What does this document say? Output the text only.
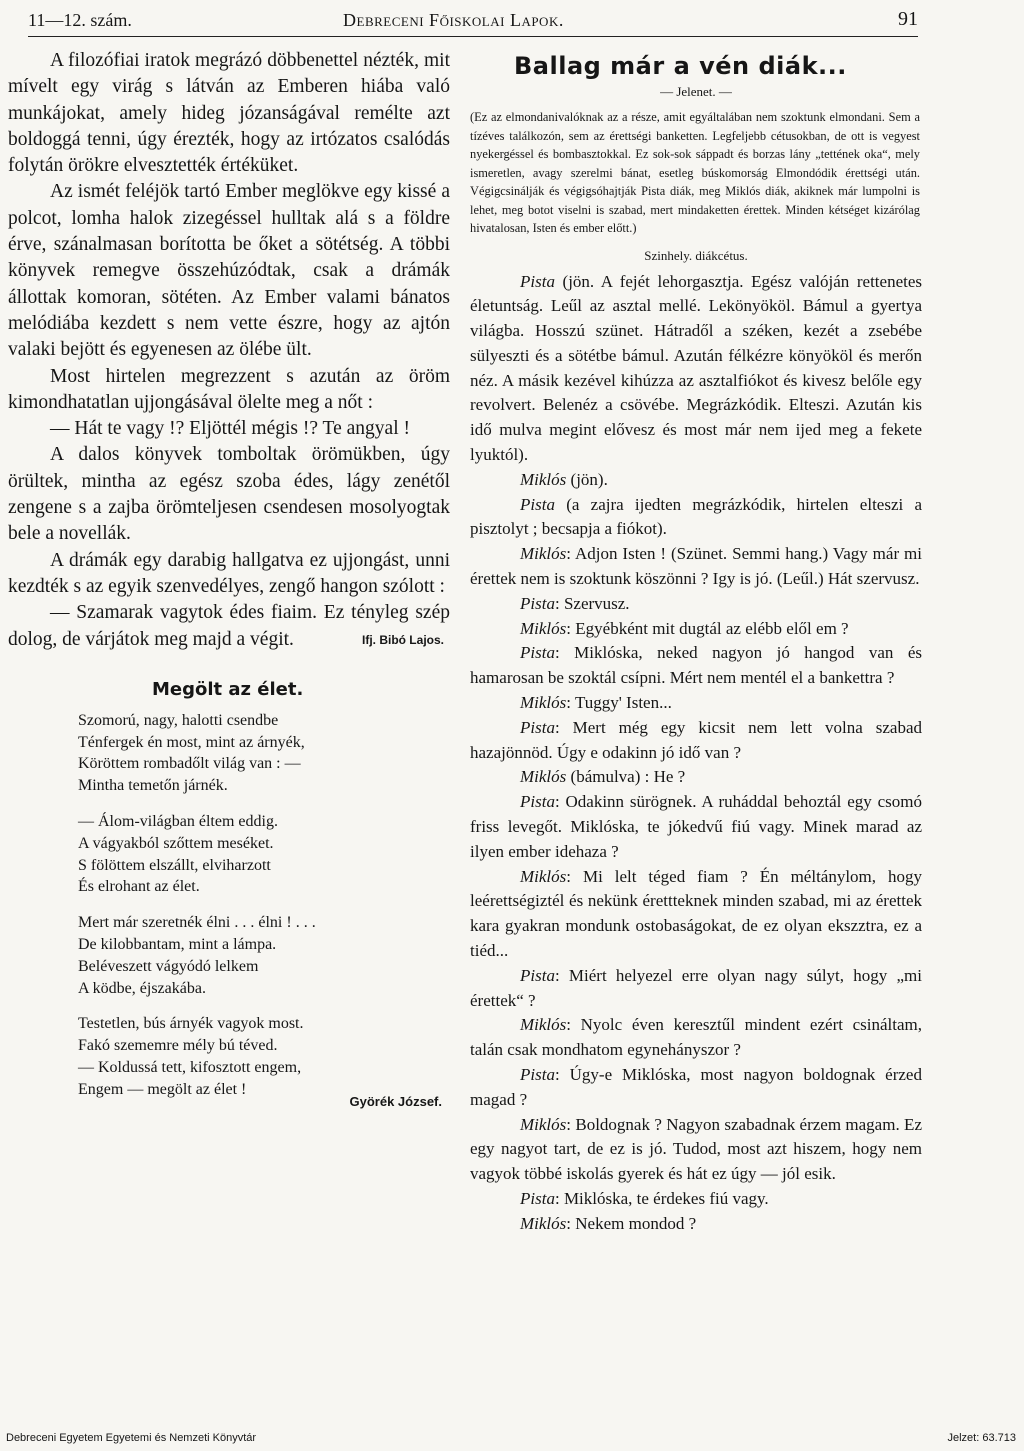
11—12. szám.	Debreceni Főiskolai Lapok.	91

A filozófiai iratok megrázó döbbenettel nézték, mit mívelt egy virág s látván az Emberen hiába való munkájokat, amely hideg józanságával remélte azt boldoggá tenni, úgy érezték, hogy az irtózatos csalódás folytán örökre elvesztették értéküket.

Az ismét feléjök tartó Ember meglökve egy kissé a polcot, lomha halok zizegéssel hulltak alá s a földre érve, szánalmasan borította be őket a sötétség. A többi könyvek remegve összehúzódtak, csak a drámák állottak komoran, sötéten. Az Ember valami bánatos melódiába kezdett s nem vette észre, hogy az ajtón valaki bejött és egyenesen az ölébe ült.

Most hirtelen megrezzent s azután az öröm kimondhatatlan ujjongásával ölelte meg a nőt :

— Hát te vagy !? Eljöttél mégis !? Te angyal !

A dalos könyvek tomboltak örömükben, úgy örültek, mintha az egész szoba édes, lágy zenétől zengene s a zajba örömteljesen csendesen mosolyogtak bele a novellák.

A drámák egy darabig hallgatva ez ujjongást, unni kezdték s az egyik szenvedélyes, zengő hangon szólott :

— Szamarak vagytok édes fiaim. Ez tényleg szép dolog, de várjátok meg majd a végit.	Ifj. Bibó Lajos.
Megölt az élet.
Szomorú, nagy, halotti csendbe
Ténfergek én most, mint az árnyék,
Köröttem rombadőlt világ van : —
Mintha temetőn járnék.
— Álom-világban éltem eddig.
A vágyakból szőttem meséket.
S fölöttem elszállt, elviharzott
És elrohant az élet.
Mert már szeretnék élni . . . élni ! . . .
De kilobbantam, mint a lámpa.
Beléveszett vágyódó lelkem
A ködbe, éjszakába.
Testetlen, bús árnyék vagyok most.
Fakó szememre mély bú téved.
— Koldussá tett, kifosztott engem,
Engem — megölt az élet !
Györék József.
Ballag már a vén diák...
— Jelenet. —
(Ez az elmondanivalóknak az a része, amit egyáltalában nem szoktunk elmondani. Sem a tízéves találkozón, sem az érettségi banketten. Legfeljebb cétusokban, de ott is vegyest nyekergéssel és bombasztokkal. Ez sok-sok sáppadt és borzas lány „tettének oka“, mely ismeretlen, avagy szerelmi bánat, esetleg búskomorság Elmondódik érettségi után. Végigcsinálják és végigsóhajtják Pista diák, meg Miklós diák, akiknek már lumpolni is lehet, meg botot viselni is szabad, mert mindaketten érettek. Minden kétséget kizárólag hivatalosan, Isten és ember előtt.)
Szinhely. diákcétus.

Pista (jön. A fejét lehorgasztja. Egész valóján rettenetes életuntság. Leűl az asztal mellé. Lekönyököl. Bámul a gyertya világba. Hosszú szünet. Hátradől a széken, kezét a zsebébe sülyeszti és a sötétbe bámul. Azután félkézre könyököl és merőn néz. A másik kezével kihúzza az asztalfiókot és kivesz belőle egy revolvert. Belenéz a csövébe. Megrázkódik. Elteszi. Azután kis idő mulva megint elővesz és most már nem ijed meg a fekete lyuktól).

Miklós (jön).

Pista (a zajra ijedten megrázkódik, hirtelen elteszi a pisztolyt ; becsapja a fiókot).

Miklós: Adjon Isten ! (Szünet. Semmi hang.) Vagy már mi érettek nem is szoktunk köszönni ? Igy is jó. (Leűl.) Hát szervusz.

Pista: Szervusz.

Miklós: Egyébként mit dugtál az elébb elől em ?

Pista: Miklóska, neked nagyon jó hangod van és hamarosan be szoktál csípni. Mért nem mentél el a bankettra ?

Miklós: Tuggy' Isten...

Pista: Mert még egy kicsit nem lett volna szabad hazajönnöd. Úgy e odakinn jó idő van ?

Miklós (bámulva) : He ?

Pista: Odakinn sürögnek. A ruháddal behoztál egy csomó friss levegőt. Miklóska, te jókedvű fiú vagy. Minek marad az ilyen ember idehaza ?

Miklós: Mi lelt téged fiam ? Én méltánylom, hogy leérettségiztél és nekünk érettteknek minden szabad, mi az érettek kara gyakran mondunk ostobaságokat, de ez olyan ekszztra, ez a tiéd...

Pista: Miért helyezel erre olyan nagy súlyt, hogy „mi érettek“ ?

Miklós: Nyolc éven keresztűl mindent ezért csináltam, talán csak mondhatom egynehányszor ?

Pista: Úgy-e Miklóska, most nagyon boldognak érzed magad ?

Miklós: Boldognak ? Nagyon szabadnak érzem magam. Ez egy nagyot tart, de ez is jó. Tudod, most azt hiszem, hogy nem vagyok többé iskolás gyerek és hát ez úgy — jól esik.

Pista: Miklóska, te érdekes fiú vagy.

Miklós: Nekem mondod ?

Debreceni Egyetem Egyetemi és Nemzeti Könyvtár	Jelzet: 63.713
